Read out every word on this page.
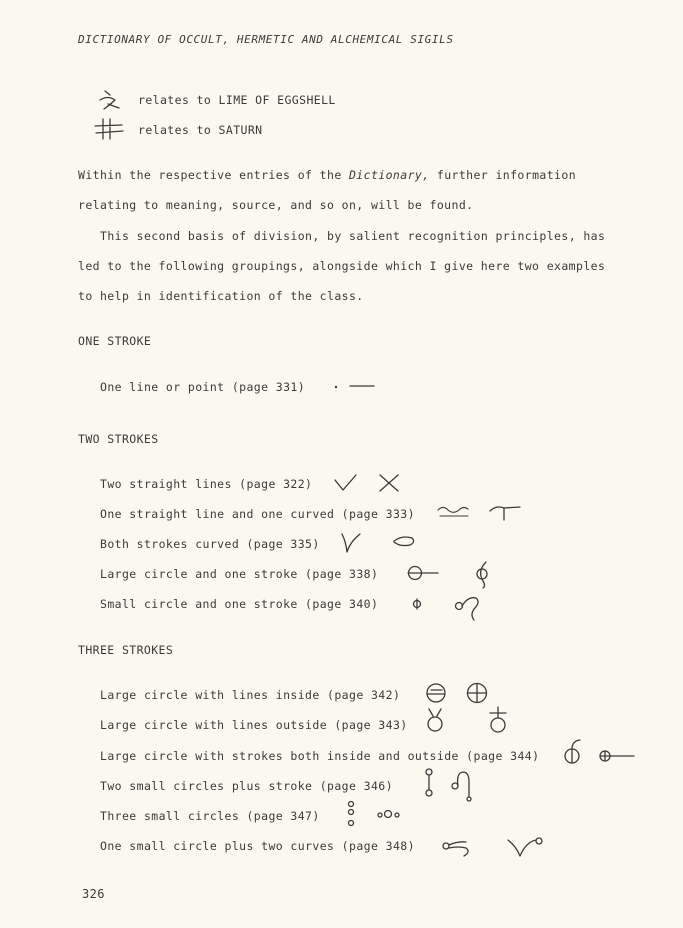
DICTIONARY OF OCCULT, HERMETIC AND ALCHEMICAL SIGILS
relates to LIME OF EGGSHELL
relates to SATURN
Within the respective entries of the Dictionary, further information
relating to meaning, source, and so on, will be found.
This second basis of division, by salient recognition principles, has
led to the following groupings, alongside which I give here two examples
to help in identification of the class.
ONE STROKE
One line or point (page 331)
TWO STROKES
Two straight lines (page 322)
One straight line and one curved (page 333)
Both strokes curved (page 335)
Large circle and one stroke (page 338)
Small circle and one stroke (page 340)
THREE STROKES
Large circle with lines inside (page 342)
Large circle with lines outside (page 343)
Large circle with strokes both inside and outside (page 344)
Two small circles plus stroke (page 346)
Three small circles (page 347)
One small circle plus two curves (page 348)
326
